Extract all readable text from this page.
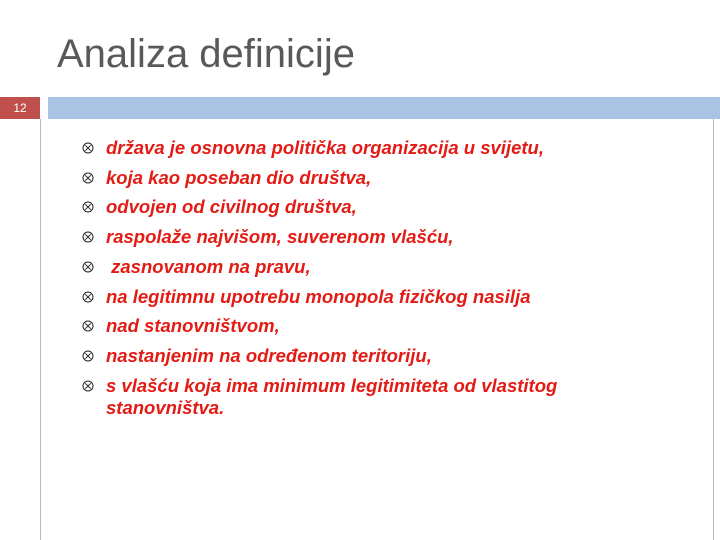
Analiza definicije
12
država je osnovna politička organizacija u svijetu,
koja kao poseban dio društva,
odvojen od civilnog društva,
raspolaže najvišom, suverenom vlašću,
zasnovanom na pravu,
na legitimnu upotrebu monopola fizičkog nasilja
nad stanovništvom,
nastanjenim na određenom teritoriju,
s vlašću koja ima minimum legitimiteta od vlastitog stanovništva.
